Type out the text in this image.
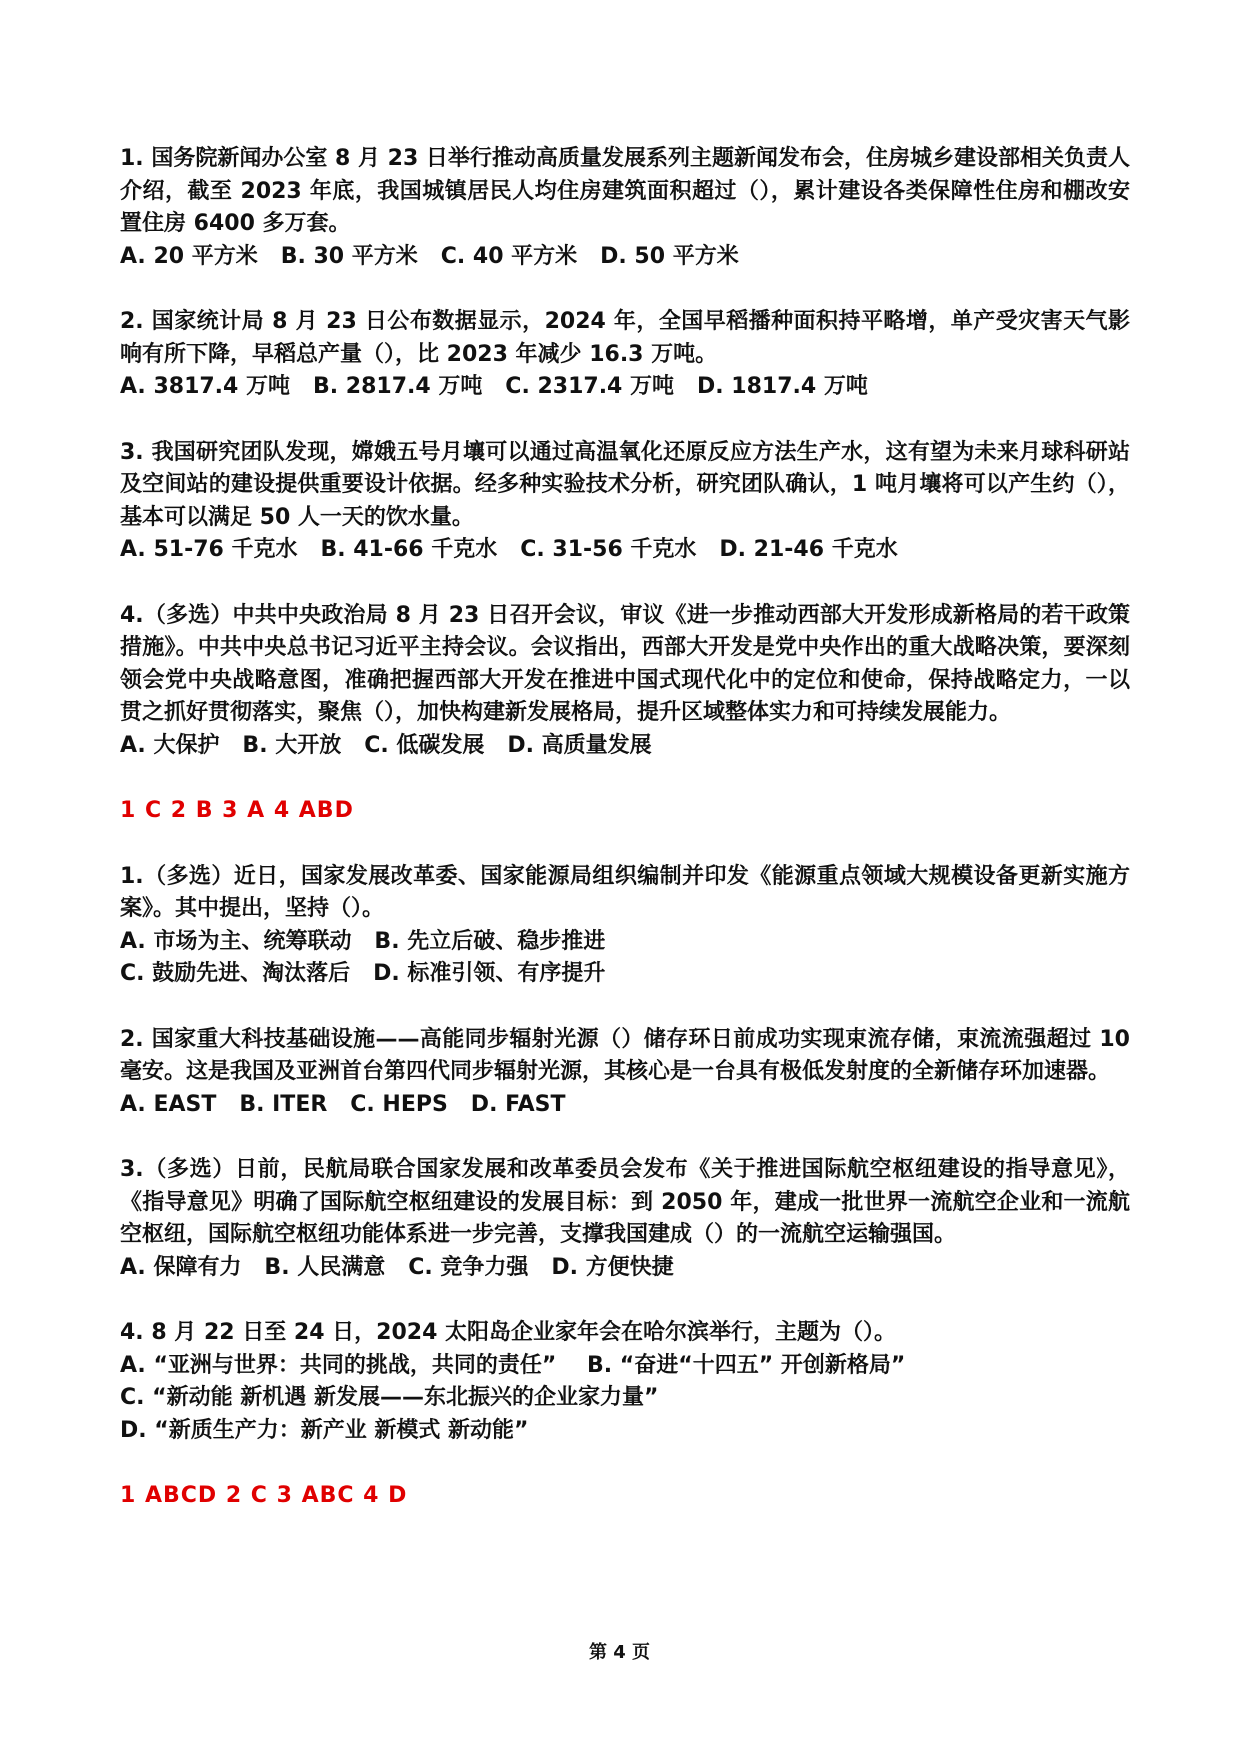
1. 国务院新闻办公室 8 月 23 日举行推动高质量发展系列主题新闻发布会，住房城乡建设部相关负责人介绍，截至 2023 年底，我国城镇居民人均住房建筑面积超过（），累计建设各类保障性住房和棚改安置住房 6400 多万套。

A. 20 平方米   B. 30 平方米   C. 40 平方米   D. 50 平方米

2. 国家统计局 8 月 23 日公布数据显示，2024 年，全国早稻播种面积持平略增，单产受灾害天气影响有所下降，早稻总产量（），比 2023 年减少 16.3 万吨。

A. 3817.4 万吨   B. 2817.4 万吨   C. 2317.4 万吨   D. 1817.4 万吨

3. 我国研究团队发现，嫦娥五号月壤可以通过高温氧化还原反应方法生产水，这有望为未来月球科研站及空间站的建设提供重要设计依据。经多种实验技术分析，研究团队确认，1 吨月壤将可以产生约（），基本可以满足 50 人一天的饮水量。

A. 51-76 千克水   B. 41-66 千克水   C. 31-56 千克水   D. 21-46 千克水

4.（多选）中共中央政治局 8 月 23 日召开会议，审议《进一步推动西部大开发形成新格局的若干政策措施》。中共中央总书记习近平主持会议。会议指出，西部大开发是党中央作出的重大战略决策，要深刻领会党中央战略意图，准确把握西部大开发在推进中国式现代化中的定位和使命，保持战略定力，一以贯之抓好贯彻落实，聚焦（），加快构建新发展格局，提升区域整体实力和可持续发展能力。

A. 大保护   B. 大开放   C. 低碳发展   D. 高质量发展

1 C 2 B 3 A 4 ABD

1.（多选）近日，国家发展改革委、国家能源局组织编制并印发《能源重点领域大规模设备更新实施方案》。其中提出，坚持（）。

A. 市场为主、统筹联动   B. 先立后破、稳步推进

C. 鼓励先进、淘汰落后   D. 标准引领、有序提升

2. 国家重大科技基础设施——高能同步辐射光源（）储存环日前成功实现束流存储，束流流强超过 10 毫安。这是我国及亚洲首台第四代同步辐射光源，其核心是一台具有极低发射度的全新储存环加速器。

A. EAST   B. ITER   C. HEPS   D. FAST

3.（多选）日前，民航局联合国家发展和改革委员会发布《关于推进国际航空枢纽建设的指导意见》，《指导意见》明确了国际航空枢纽建设的发展目标：到 2050 年，建成一批世界一流航空企业和一流航空枢纽，国际航空枢纽功能体系进一步完善，支撑我国建成（）的一流航空运输强国。

A. 保障有力   B. 人民满意   C. 竞争力强   D. 方便快捷

4. 8 月 22 日至 24 日，2024 太阳岛企业家年会在哈尔滨举行，主题为（）。

A. “亚洲与世界：共同的挑战，共同的责任”    B. “奋进“十四五” 开创新格局”

C. “新动能 新机遇 新发展——东北振兴的企业家力量”

D. “新质生产力：新产业 新模式 新动能”

1 ABCD 2 C 3 ABC 4 D

第 4 页
